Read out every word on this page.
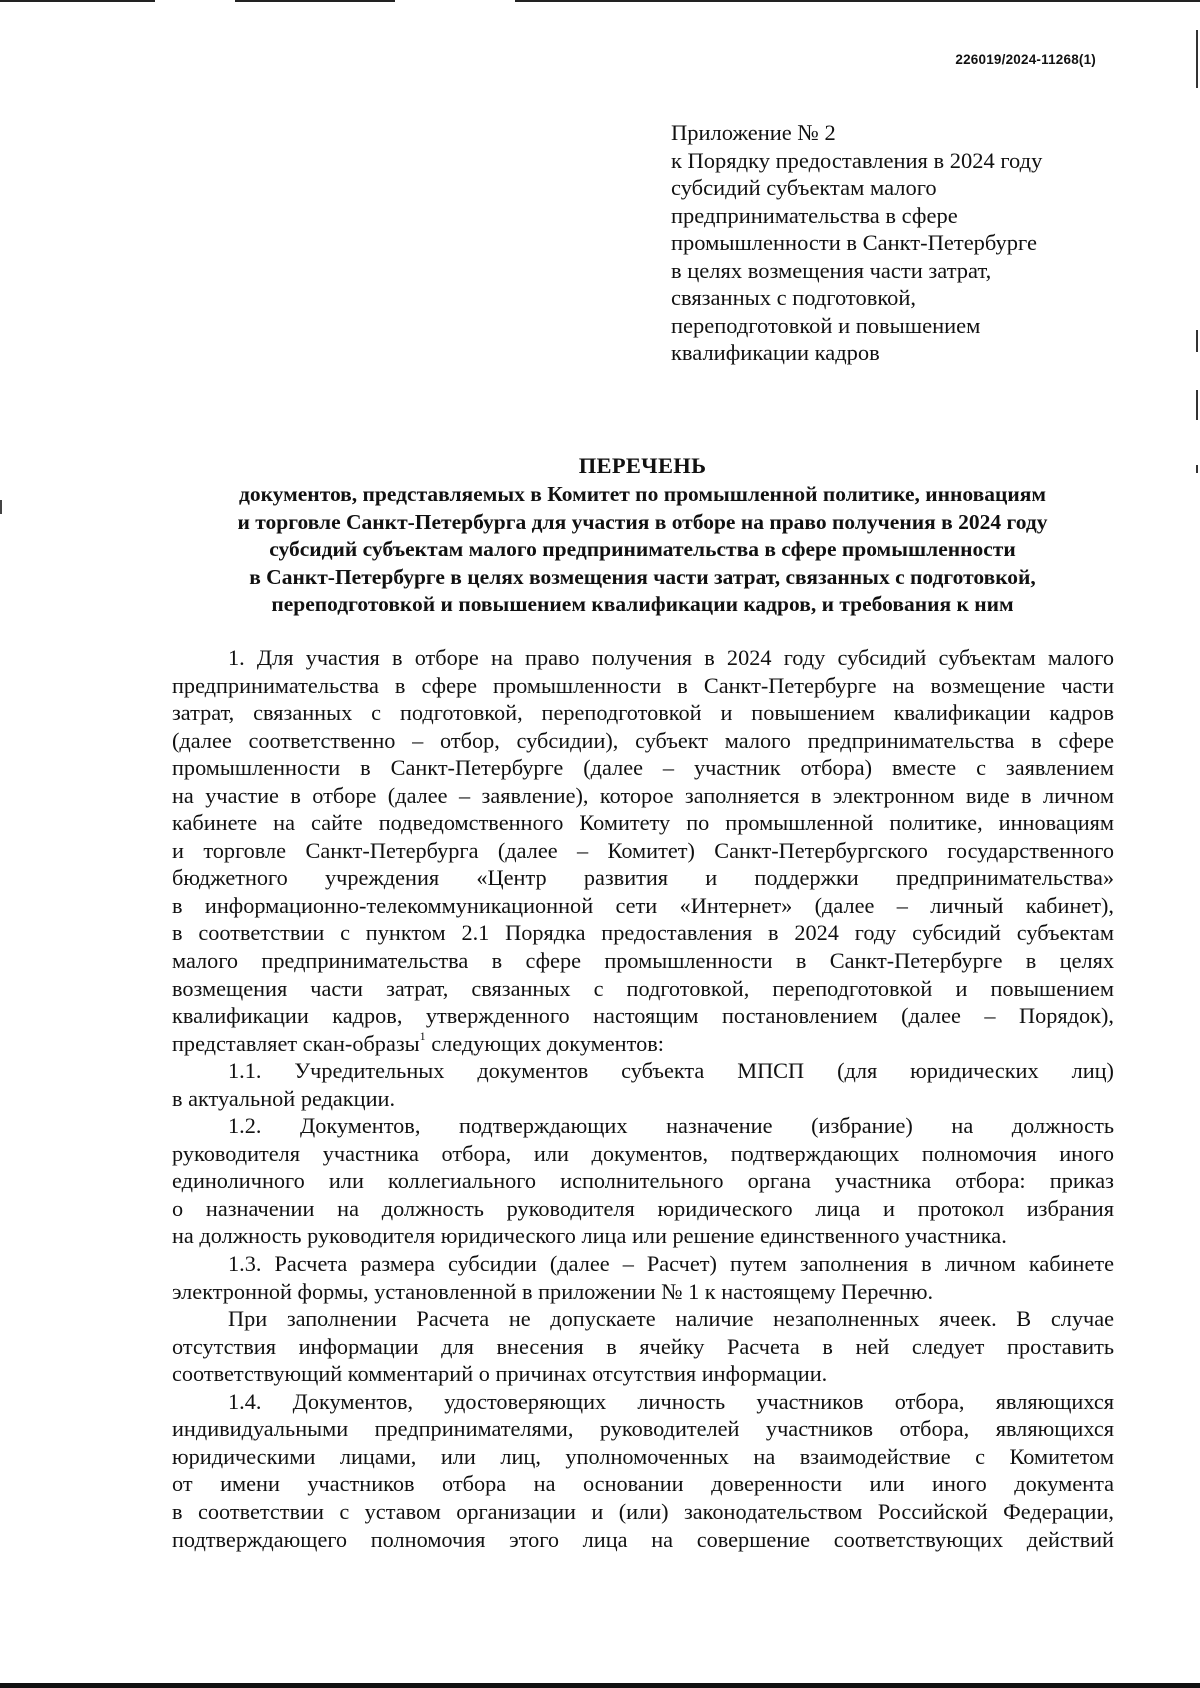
226019/2024-11268(1)
Приложение № 2
к Порядку предоставления в 2024 году
субсидий субъектам малого
предпринимательства в сфере
промышленности в Санкт-Петербурге
в целях возмещения части затрат,
связанных с подготовкой,
переподготовкой и повышением
квалификации кадров
ПЕРЕЧЕНЬ
документов, представляемых в Комитет по промышленной политике, инновациям
и торговле Санкт-Петербурга для участия в отборе на право получения в 2024 году
субсидий субъектам малого предпринимательства в сфере промышленности
в Санкт-Петербурге в целях возмещения части затрат, связанных с подготовкой,
переподготовкой и повышением квалификации кадров, и требования к ним

1. Для участия в отборе на право получения в 2024 году субсидий субъектам малого
предпринимательства в сфере промышленности в Санкт-Петербурге на возмещение части
затрат, связанных с подготовкой, переподготовкой и повышением квалификации кадров
(далее соответственно – отбор, субсидии), субъект малого предпринимательства в сфере
промышленности в Санкт-Петербурге (далее – участник отбора) вместе с заявлением
на участие в отборе (далее – заявление), которое заполняется в электронном виде в личном
кабинете на сайте подведомственного Комитету по промышленной политике, инновациям
и торговле Санкт-Петербурга (далее – Комитет) Санкт-Петербургского государственного
бюджетного учреждения «Центр развития и поддержки предпринимательства»
в информационно-телекоммуникационной сети «Интернет» (далее – личный кабинет),
в соответствии с пунктом 2.1 Порядка предоставления в 2024 году субсидий субъектам
малого предпринимательства в сфере промышленности в Санкт-Петербурге в целях
возмещения части затрат, связанных с подготовкой, переподготовкой и повышением
квалификации кадров, утвержденного настоящим постановлением (далее – Порядок),
представляет скан-образы$^1$ следующих документов:

1.1. Учредительных документов субъекта МПСП (для юридических лиц)
в актуальной редакции.

1.2. Документов, подтверждающих назначение (избрание) на должность
руководителя участника отбора, или документов, подтверждающих полномочия иного
единоличного или коллегиального исполнительного органа участника отбора: приказ
о назначении на должность руководителя юридического лица и протокол избрания
на должность руководителя юридического лица или решение единственного участника.

1.3. Расчета размера субсидии (далее – Расчет) путем заполнения в личном кабинете
электронной формы, установленной в приложении № 1 к настоящему Перечню.

При заполнении Расчета не допускаете наличие незаполненных ячеек. В случае
отсутствия информации для внесения в ячейку Расчета в ней следует проставить
соответствующий комментарий о причинах отсутствия информации.

1.4. Документов, удостоверяющих личность участников отбора, являющихся
индивидуальными предпринимателями, руководителей участников отбора, являющихся
юридическими лицами, или лиц, уполномоченных на взаимодействие с Комитетом
от имени участников отбора на основании доверенности или иного документа
в соответствии с уставом организации и (или) законодательством Российской Федерации,
подтверждающего полномочия этого лица на совершение соответствующих действий
